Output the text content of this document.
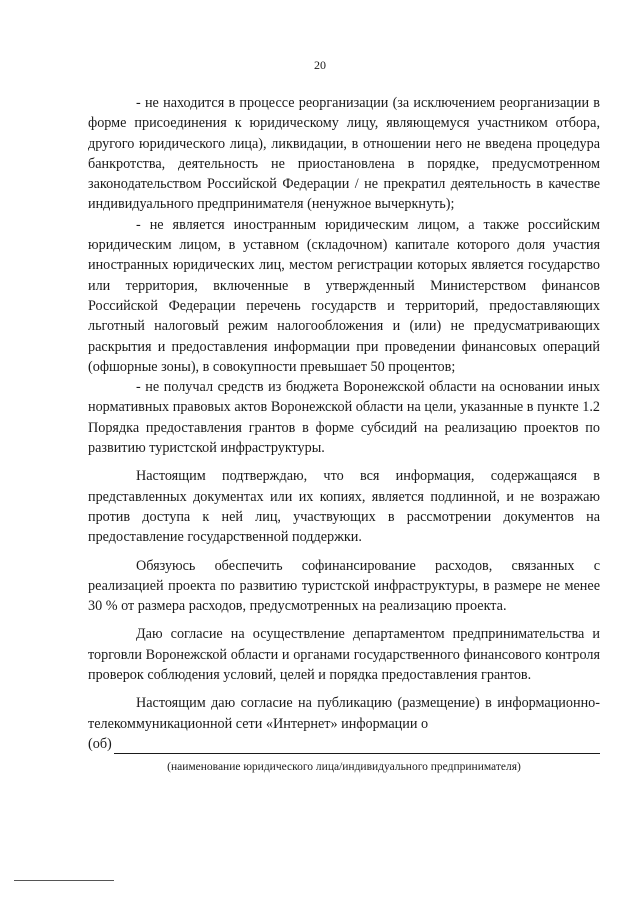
20

- не находится в процессе реорганизации (за исключением реорганизации в форме присоединения к юридическому лицу, являющемуся участником отбора, другого юридического лица), ликвидации, в отношении него не введена процедура банкротства, деятельность не приостановлена в порядке, предусмотренном законодательством Российской Федерации / не прекратил деятельность в качестве индивидуального предпринимателя (ненужное вычеркнуть);

- не является иностранным юридическим лицом, а также российским юридическим лицом, в уставном (складочном) капитале которого доля участия иностранных юридических лиц, местом регистрации которых является государство или территория, включенные в утвержденный Министерством финансов Российской Федерации перечень государств и территорий, предоставляющих льготный налоговый режим налогообложения и (или) не предусматривающих раскрытия и предоставления информации при проведении финансовых операций (офшорные зоны), в совокупности превышает 50 процентов;

- не получал средств из бюджета Воронежской области на основании иных нормативных правовых актов Воронежской области на цели, указанные в пункте 1.2 Порядка предоставления грантов в форме субсидий на реализацию проектов по развитию туристской инфраструктуры.

Настоящим подтверждаю, что вся информация, содержащаяся в представленных документах или их копиях, является подлинной, и не возражаю против доступа к ней лиц, участвующих в рассмотрении документов на предоставление государственной поддержки.

Обязуюсь обеспечить софинансирование расходов, связанных с реализацией проекта по развитию туристской инфраструктуры, в размере не менее 30 % от размера расходов, предусмотренных на реализацию проекта.

Даю согласие на осуществление департаментом предпринимательства и торговли Воронежской области и органами государственного финансового контроля проверок соблюдения условий, целей и порядка предоставления грантов.

Настоящим даю согласие на публикацию (размещение) в информационно-телекоммуникационной сети «Интернет» информации о

(об)
(наименование юридического лица/индивидуального предпринимателя)
